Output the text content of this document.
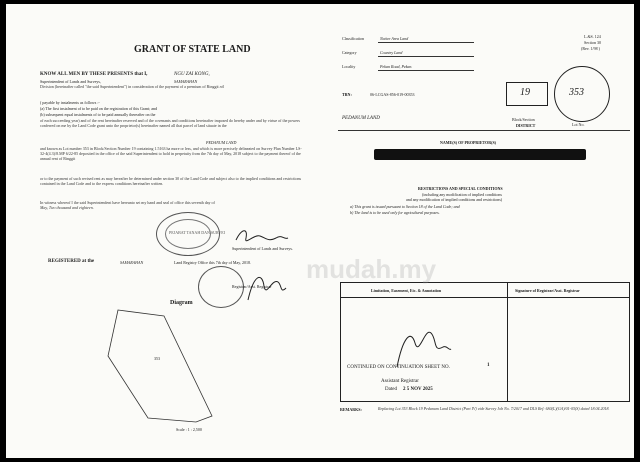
GRANT OF STATE LAND
KNOW ALL MEN BY THESE PRESENTS that I,	NGU ZAI KONG,
Superintendent of Lands and Surveys,	SAMARAHAN
Division (hereinafter called "the said Superintendent") in consideration of the payment of a premium of Ringgit nil
( payable by instalments as follows :-
(a) The first instalment of to be paid on the registration of this Grant; and
(b) subsequent equal instalments of to be paid annually thereafter on the
of each succeeding year) and of the rent hereinafter reserved and of the covenants and conditions hereinafter imposed do hereby under and by virtue of the powers conferred on me by the Land Code grant unto the proprietor(s) hereinafter named all that parcel of land situate in the
PEDANUM LAND
and known as Lot number 353 in Block/Section Number 19 containing 1.5163 ha more or less, and which is more precisely delineated on Survey Plan Number LS-32-4(4.3)/8.MP 6/22-85 deposited in the office of the said Superintendent to hold in perpetuity from the 7th day of May, 2018 subject to the payment thereof of the annual rent of Ringgit
or to the payment of such revised rent as may hereafter be determined under section 30 of the Land Code and subject also to the implied conditions and restrictions contained in the Land Code and to the express conditions hereinafter written.
In witness whereof I the said Superintendent have hereunto set my hand and seal of office this seventh day of
May, Two thousand and eighteen.
PEJABAT TANAH DAN SURVEI
Superintendent of Lands and Surveys.
REGISTERED at the	SAMARAHAN	Land Registry Office this 7th day of May, 2018.
Registrar/Asst. Registrar
Diagram
353
Scale : 1 : 2,500
L.&S. 124
Section 30
(Rev. 1/98 )
Classification	Native Area Land
Category	Country Land
Locality	Pekan Road, Pekan.
TRN:	06-LCGAS-856-019-00353	19	353
Block/Section
Lot No.
PEDANUM LAND
DISTRICT
NAME(S) OF PROPRIETOR(S)
RESTRICTIONS AND SPECIAL CONDITIONS
(including any modification of implied conditions
and any modification of implied conditions and restrictions)
a) This grant is issued pursuant to Section 18 of the Land Code; and
b) The land is to be used only for agricultural purposes.
Limitation, Easement, Etc. & Annotation	Signature of Registrar/Asst. Registrar
CONTINUED ON CONTINUATION SHEET NO.	1
Assistant Registrar
Dated 2 5 NOV 2025
REMARKS:	Replacing Lot 353 Block 19 Pedanum Land District (Part IV) vide Survey Job No. 7/2017 and DLS Ref: 6S0(L)(GA)/01-05(S) dated 18.04.2018.
mudah.my
